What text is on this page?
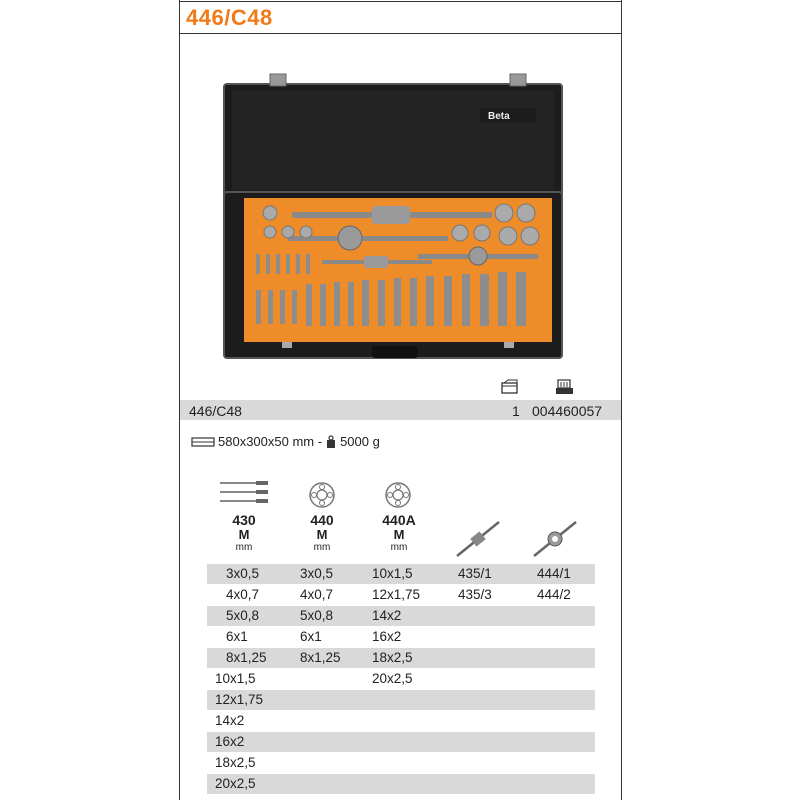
446/C48
Beta
446/C48	1 004460057
580x300x50 mm - 5000 g
430
M
mm
440
M
mm
440A
M
mm
3x0,5
4x0,7
5x0,8
6x1
8x1,25
10x1,5
12x1,75
14x2
16x2
18x2,5
20x2,5
3x0,5
4x0,7
5x0,8
6x1
8x1,25
10x1,5
12x1,75
14x2
16x2
18x2,5
20x2,5
435/1
435/3
444/1
444/2
